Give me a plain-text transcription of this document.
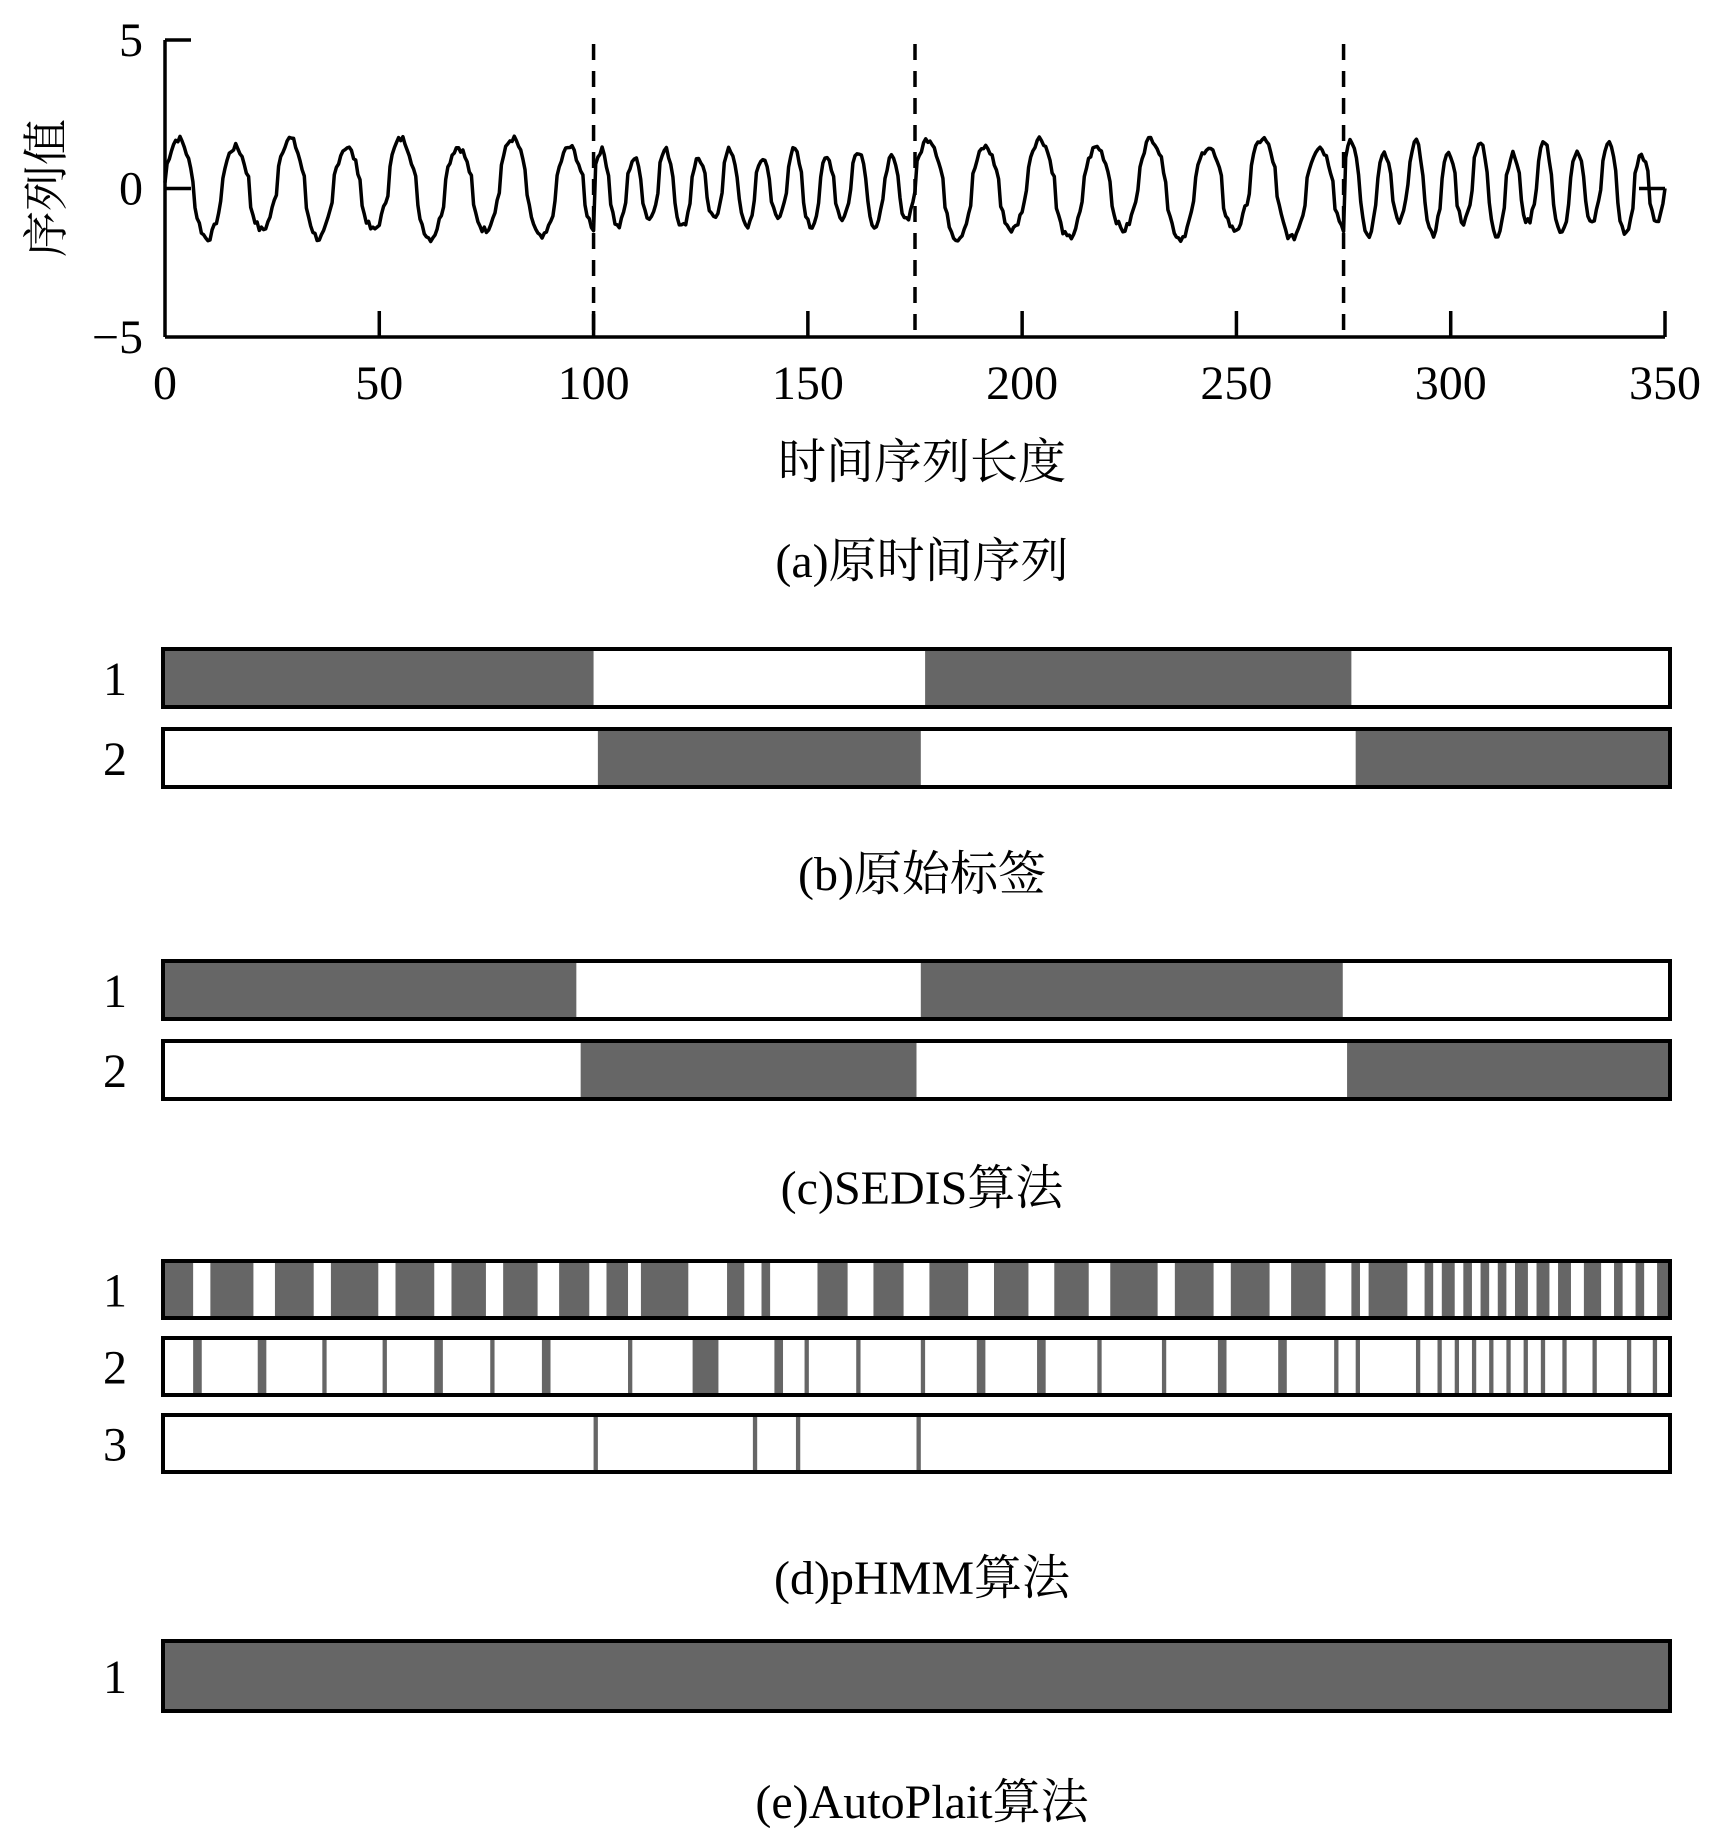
0	50	100	150	200	250	300	350
5
0
−5
序列值
时间序列长度
(a)原时间序列
1
2
1
2
1
2
3
1
(b)原始标签
(c)SEDIS算法
(d)pHMM算法
(e)AutoPlait算法
